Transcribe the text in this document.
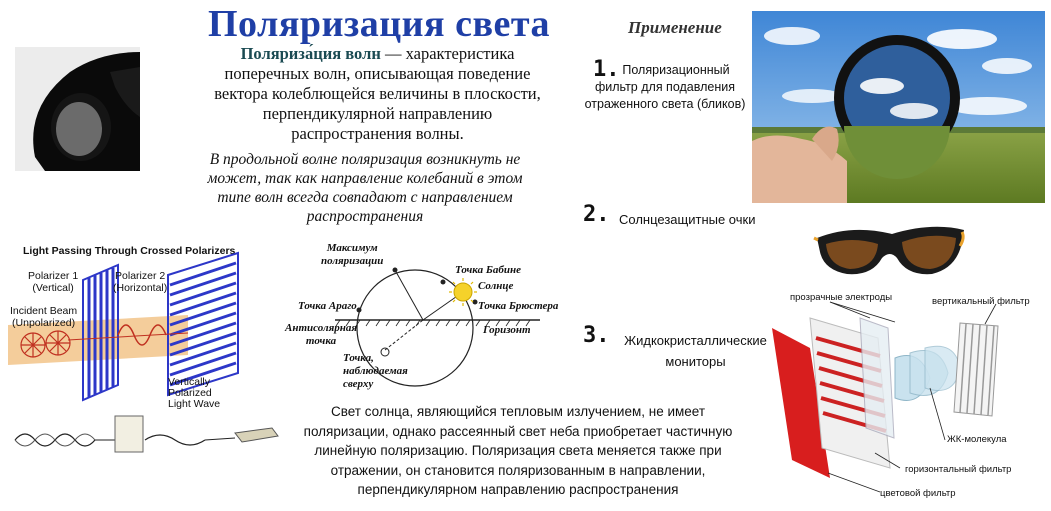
Поляризация света
Поляриза́ция волн — характеристика поперечных волн, описывающая поведение вектора колеблющейся величины в плоскости, перпендикулярной направлению распространения волны.
В продольной волне поляризация возникнуть не может, так как направление колебаний в этом типе волн всегда совпадают с направлением распространения
Применение
1. Поляризационный
фильтр для подавления
отраженного света (бликов)
2. Солнцезащитные очки
3.	Жидкокристаллические
мониторы
Light Passing Through Crossed Polarizers
Polarizer 1
(Vertical)
Polarizer 2
(Horizontal)
Incident Beam
(Unpolarized)
Vertically
Polarized
Light Wave
Максимум
поляризации
Точка Бабине
Солнце
Точка Араго	Точка Брюстера
Антисолярная
точка
Горизонт
Точка,
наблюдаемая
сверху
Свет солнца, являющийся тепловым излучением, не имеет поляризации, однако рассеянный свет неба приобретает частичную линейную поляризацию. Поляризация света меняется также при отражении, он становится поляризованным в направлении, перпендикулярном направлению распространения
прозрачные электроды	вертикальный фильтр
ЖК-молекула
горизонтальный фильтр
цветовой фильтр
